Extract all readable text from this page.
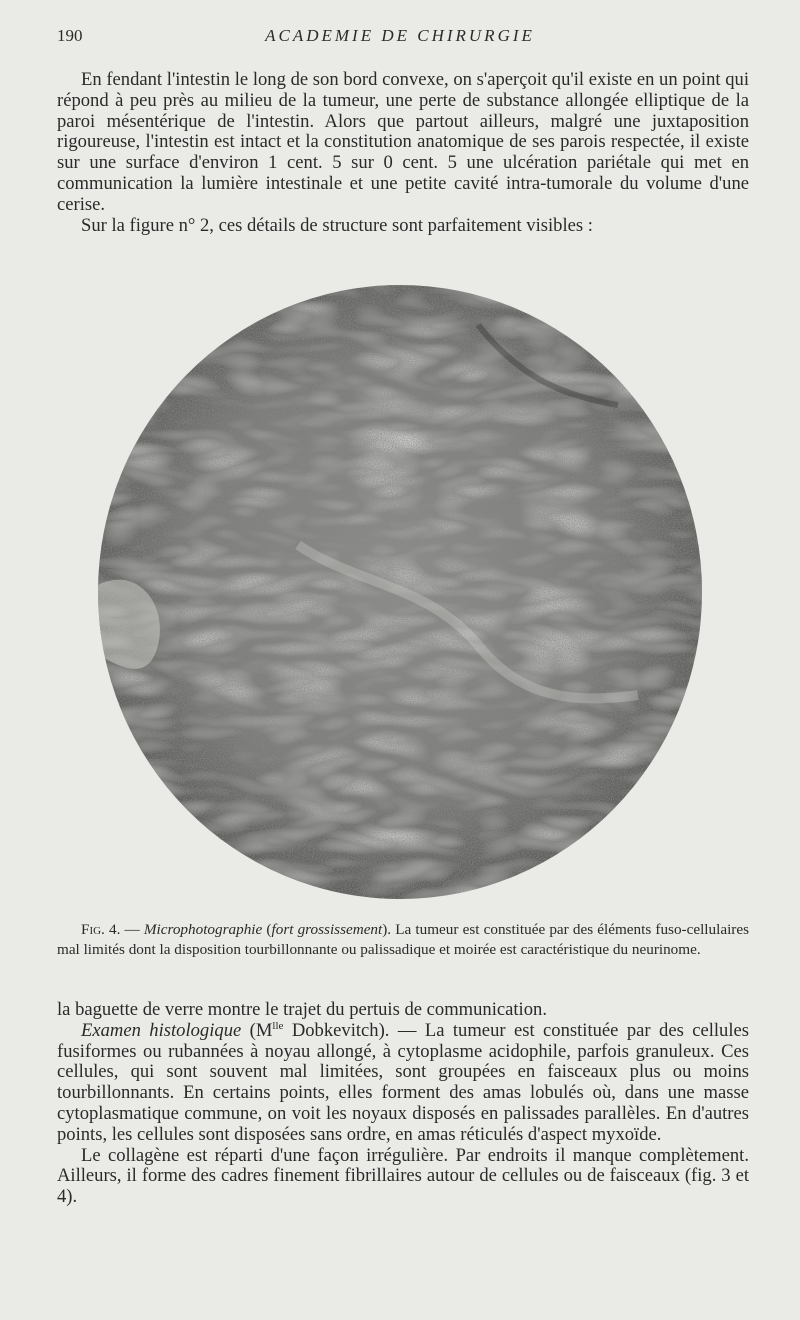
190	ACADEMIE DE CHIRURGIE

En fendant l'intestin le long de son bord convexe, on s'aperçoit qu'il existe en un point qui répond à peu près au milieu de la tumeur, une perte de substance allongée elliptique de la paroi mésentérique de l'intestin. Alors que partout ailleurs, malgré une juxtaposition rigoureuse, l'intestin est intact et la constitution anatomique de ses parois respectée, il existe sur une surface d'environ 1 cent. 5 sur 0 cent. 5 une ulcération pariétale qui met en communication la lumière intestinale et une petite cavité intra-tumorale du volume d'une cerise.

Sur la figure n° 2, ces détails de structure sont parfaitement visibles :

Fig. 4. — Microphotographie (fort grossissement). La tumeur est constituée par des éléments fuso-cellulaires mal limités dont la disposition tourbillonnante ou palissadique et moirée est caractéristique du neurinome.

la baguette de verre montre le trajet du pertuis de communication.

Examen histologique ($M^{lle}$ Dobkevitch). — La tumeur est constituée par des cellules fusiformes ou rubannées à noyau allongé, à cytoplasme acidophile, parfois granuleux. Ces cellules, qui sont souvent mal limitées, sont groupées en faisceaux plus ou moins tourbillonnants. En certains points, elles forment des amas lobulés où, dans une masse cytoplasmatique commune, on voit les noyaux disposés en palissades parallèles. En d'autres points, les cellules sont disposées sans ordre, en amas réticulés d'aspect myxoïde.

Le collagène est réparti d'une façon irrégulière. Par endroits il manque complètement. Ailleurs, il forme des cadres finement fibrillaires autour de cellules ou de faisceaux (fig. 3 et 4).
